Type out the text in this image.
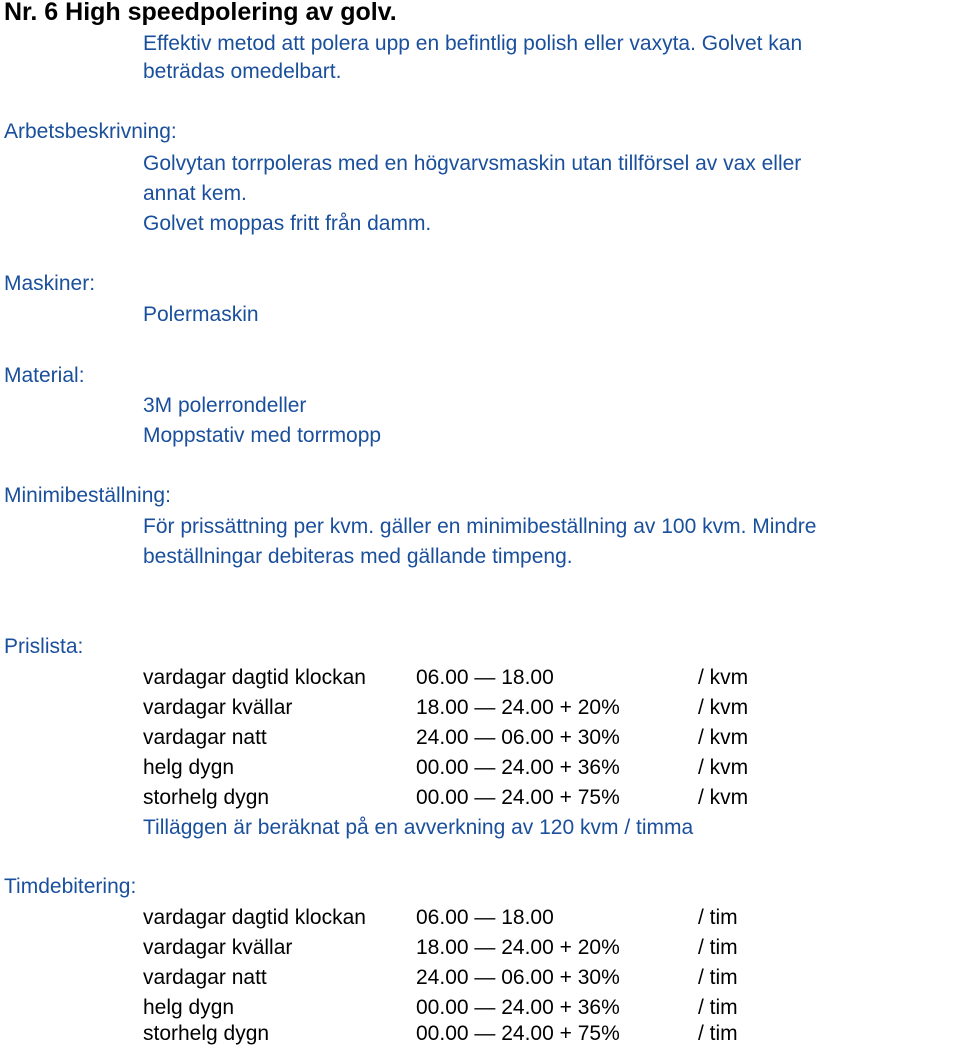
Nr. 6 High speedpolering av golv.
Effektiv metod att polera upp en befintlig polish eller vaxyta. Golvet kan
beträdas omedelbart.
Arbetsbeskrivning:
Golvytan torrpoleras med en högvarvsmaskin utan tillförsel av vax eller
annat kem.
Golvet moppas fritt från damm.
Maskiner:
Polermaskin
Material:
3M polerrondeller
Moppstativ med torrmopp
Minimibeställning:
För prissättning per kvm. gäller en minimibeställning av 100 kvm. Mindre
beställningar debiteras med gällande timpeng.
Prislista:
vardagar dagtid klockan 06.00 — 18.00	/ kvm
vardagar kvällar	18.00 — 24.00 + 20%	/ kvm
vardagar natt	24.00 — 06.00 + 30%	/ kvm
helg dygn	00.00 — 24.00 + 36%	/ kvm
storhelg dygn	00.00 — 24.00 + 75%	/ kvm
Tilläggen är beräknat på en avverkning av 120 kvm / timma
Timdebitering:
vardagar dagtid klockan 06.00 — 18.00	/ tim
vardagar kvällar	18.00 — 24.00 + 20%	/ tim
vardagar natt	24.00 — 06.00 + 30%	/ tim
helg dygn	00.00 — 24.00 + 36%	/ tim
storhelg dygn	00.00 — 24.00 + 75%	/ tim
